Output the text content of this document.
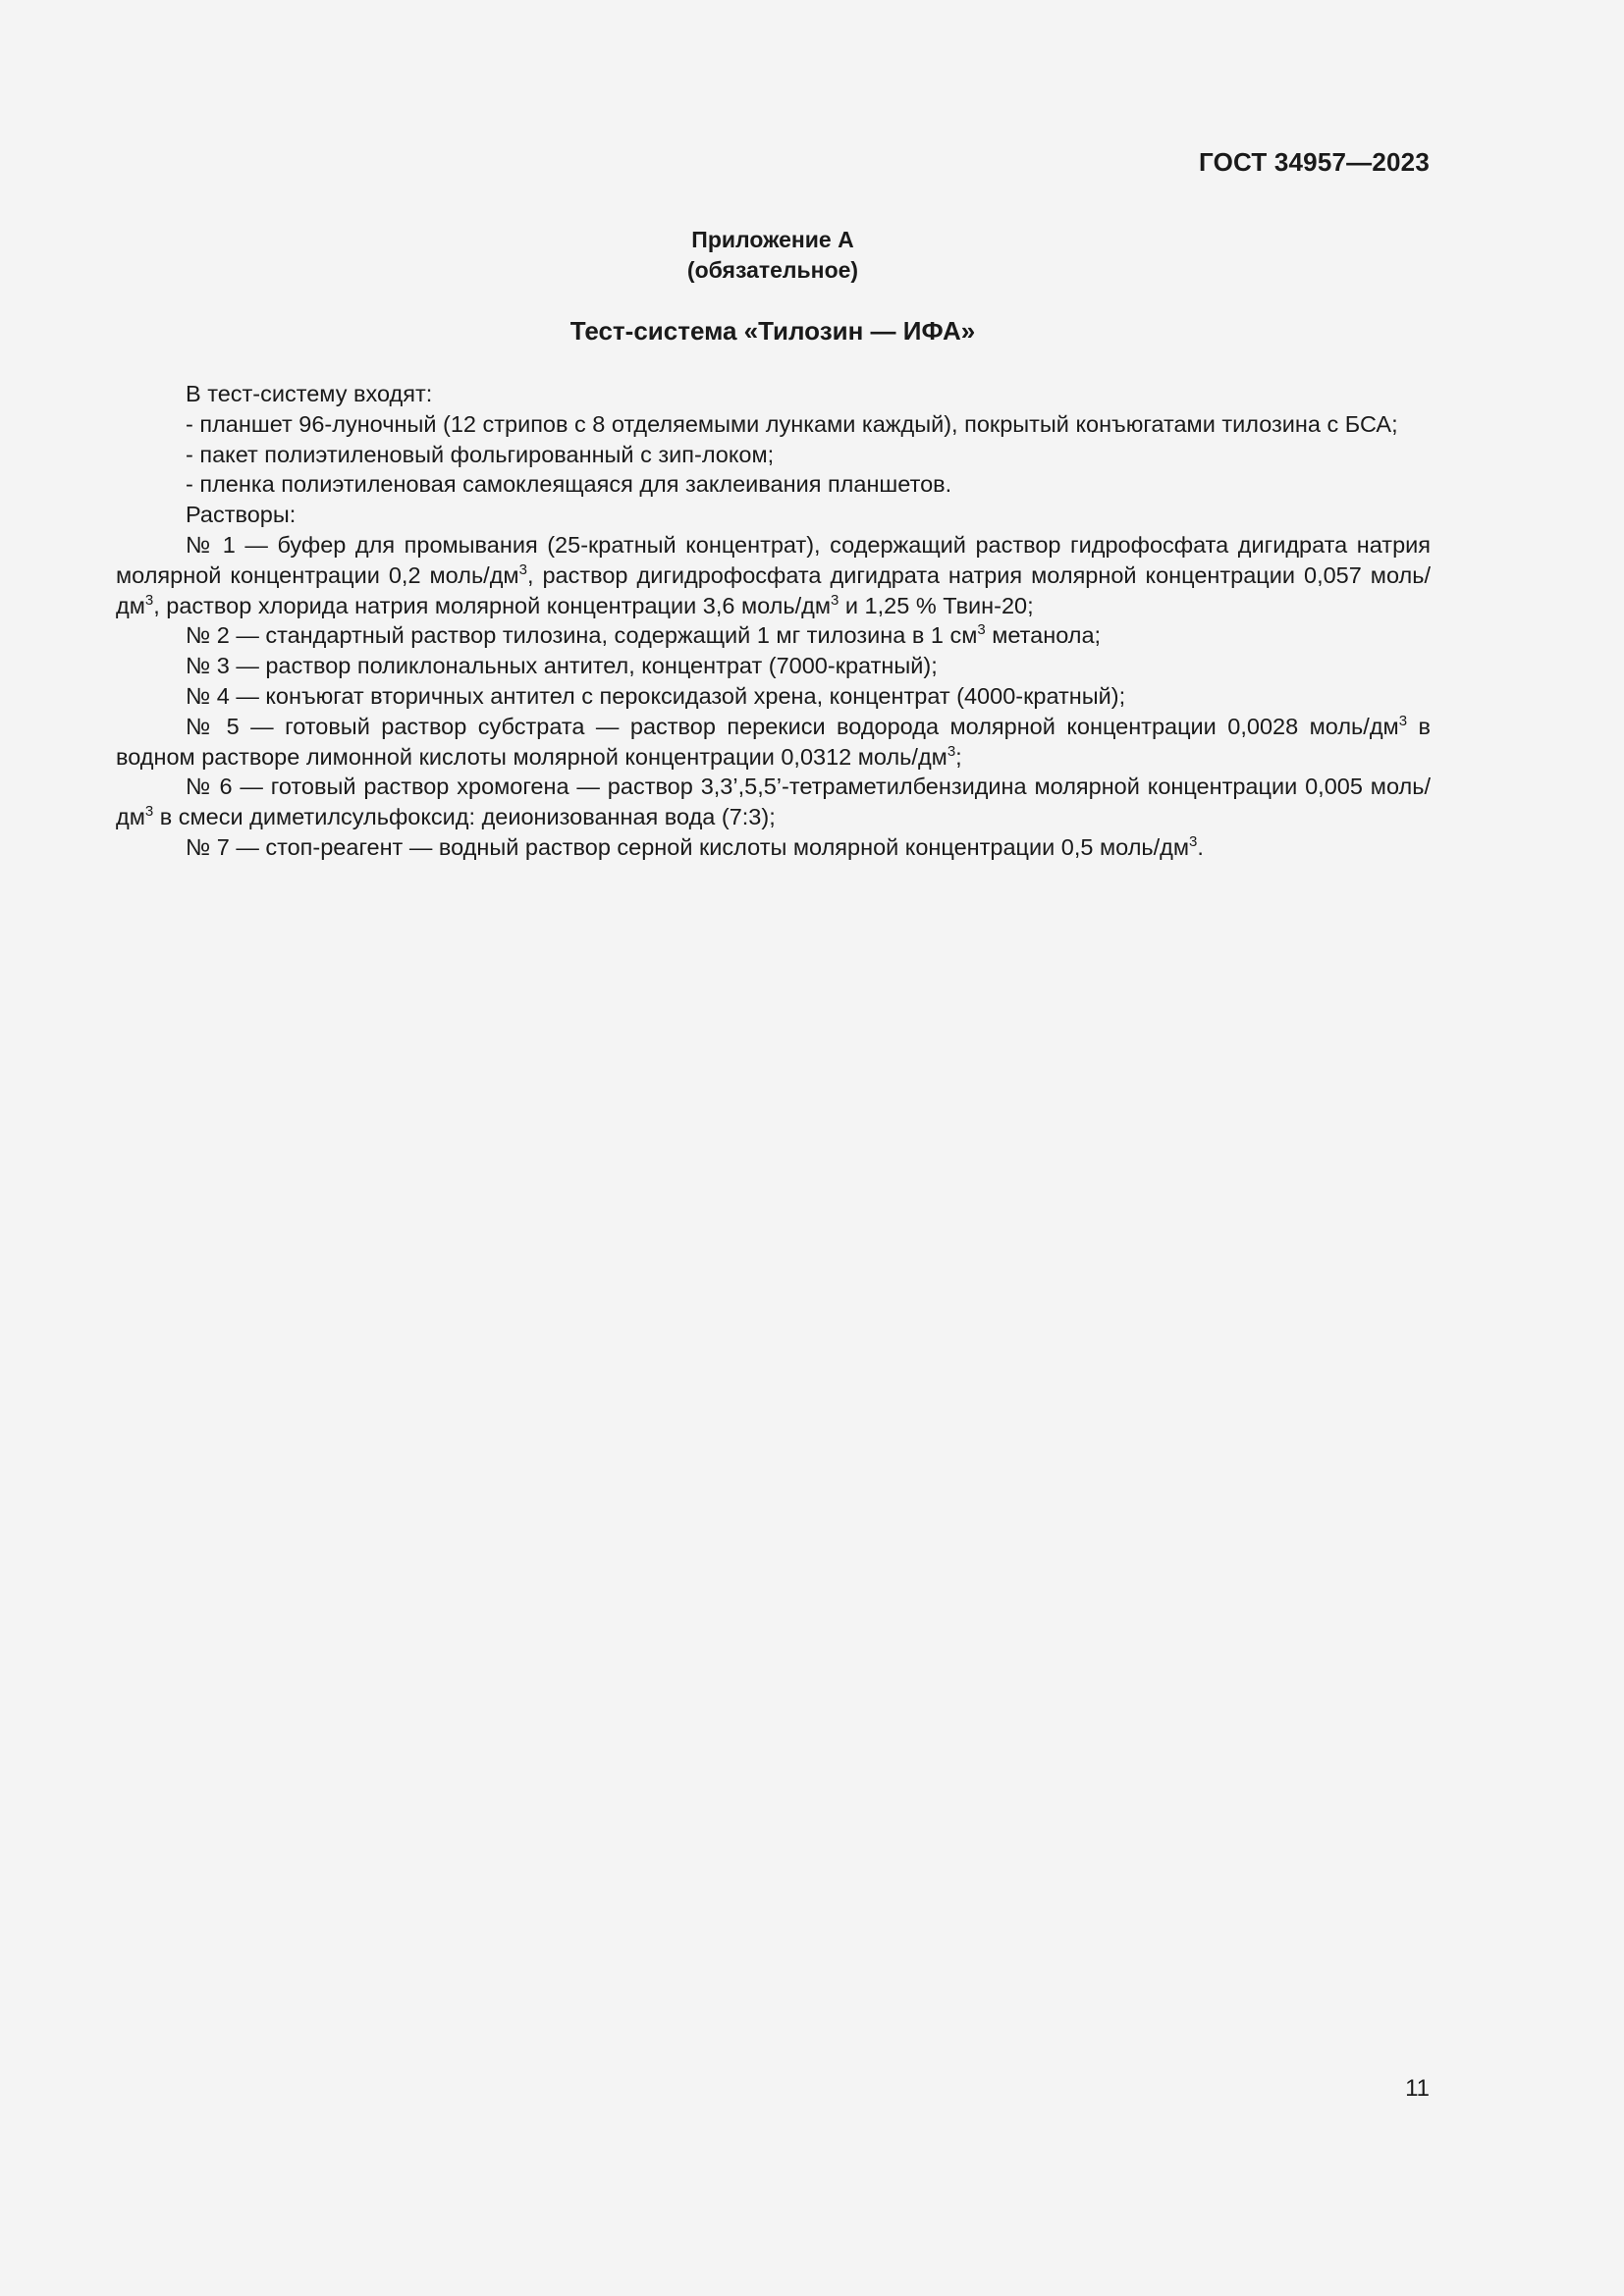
ГОСТ 34957—2023
Приложение А
(обязательное)
Тест-система «Тилозин — ИФА»

В тест-систему входят:

- планшет 96-луночный (12 стрипов с 8 отделяемыми лунками каждый), покрытый конъюгатами тилозина с БСА;

- пакет полиэтиленовый фольгированный с зип-локом;

- пленка полиэтиленовая самоклеящаяся для заклеивания планшетов.

Растворы:

№ 1 — буфер для промывания (25-кратный концентрат), содержащий раствор гидрофосфата дигидрата натрия молярной концентрации 0,2 моль/$дм^3$, раствор дигидрофосфата дигидрата натрия молярной концентрации 0,057 моль/$дм^3$, раствор хлорида натрия молярной концентрации 3,6 моль/$дм^3$ и 1,25 % Твин-20;

№ 2 — стандартный раствор тилозина, содержащий 1 мг тилозина в 1 $см^3$ метанола;

№ 3 — раствор поликлональных антител, концентрат (7000-кратный);

№ 4 — конъюгат вторичных антител с пероксидазой хрена, концентрат (4000-кратный);

№ 5 — готовый раствор субстрата — раствор перекиси водорода молярной концентрации 0,0028 моль/$дм^3$ в водном растворе лимонной кислоты молярной концентрации 0,0312 моль/$дм^3$;

№ 6 — готовый раствор хромогена — раствор 3,3’,5,5’-тетраметилбензидина молярной концентрации 0,005 моль/$дм^3$ в смеси диметилсульфоксид: деионизованная вода (7:3);

№ 7 — стоп-реагент — водный раствор серной кислоты молярной концентрации 0,5 моль/$дм^3$.

11
